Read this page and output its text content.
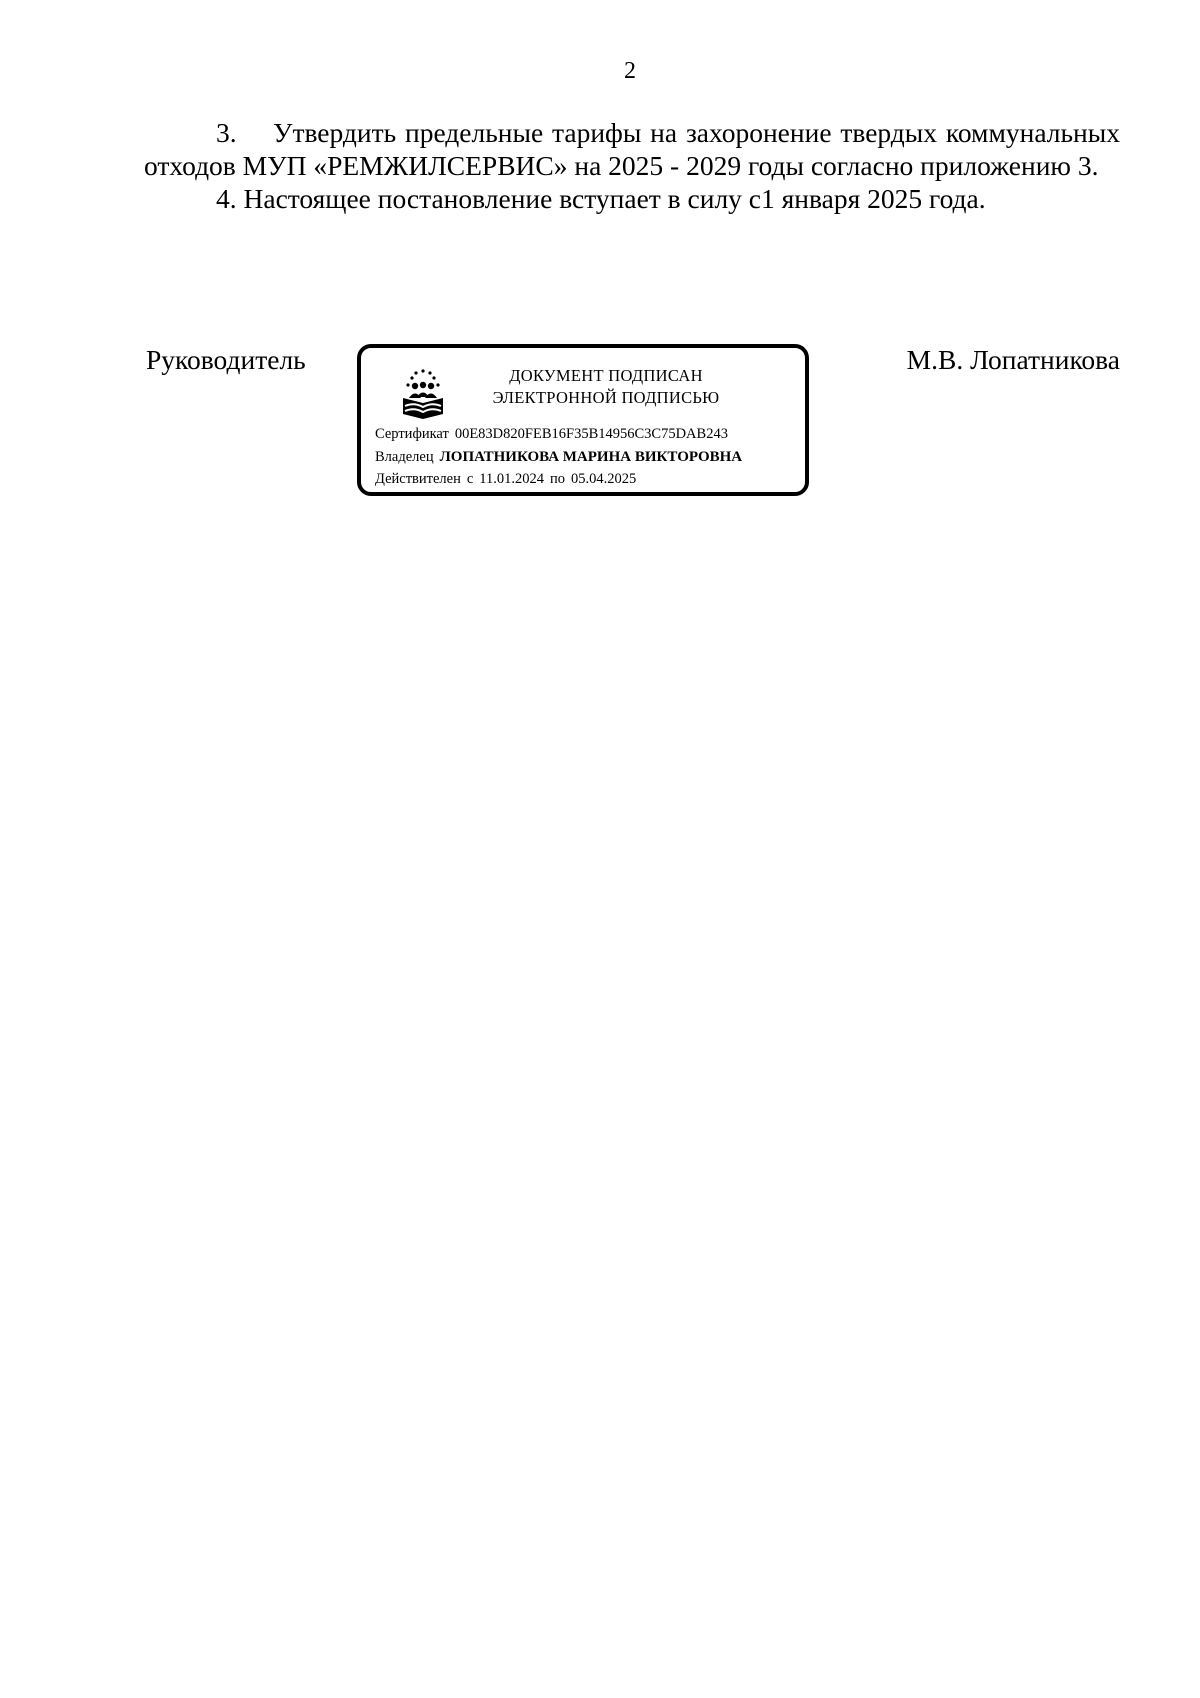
2

3.  Утвердить предельные тарифы на захоронение твердых коммунальных отходов МУП «РЕМЖИЛСЕРВИС» на 2025 - 2029 годы согласно приложению 3.

4. Настоящее постановление вступает в силу с1 января 2025 года.

Руководитель
ДОКУМЕНТ ПОДПИСАН
ЭЛЕКТРОННОЙ ПОДПИСЬЮ
Сертификат 00E83D820FEB16F35B14956C3C75DAB243
Владелец ЛОПАТНИКОВА МАРИНА ВИКТОРОВНА
Действителен с 11.01.2024 по 05.04.2025
М.В. Лопатникова
